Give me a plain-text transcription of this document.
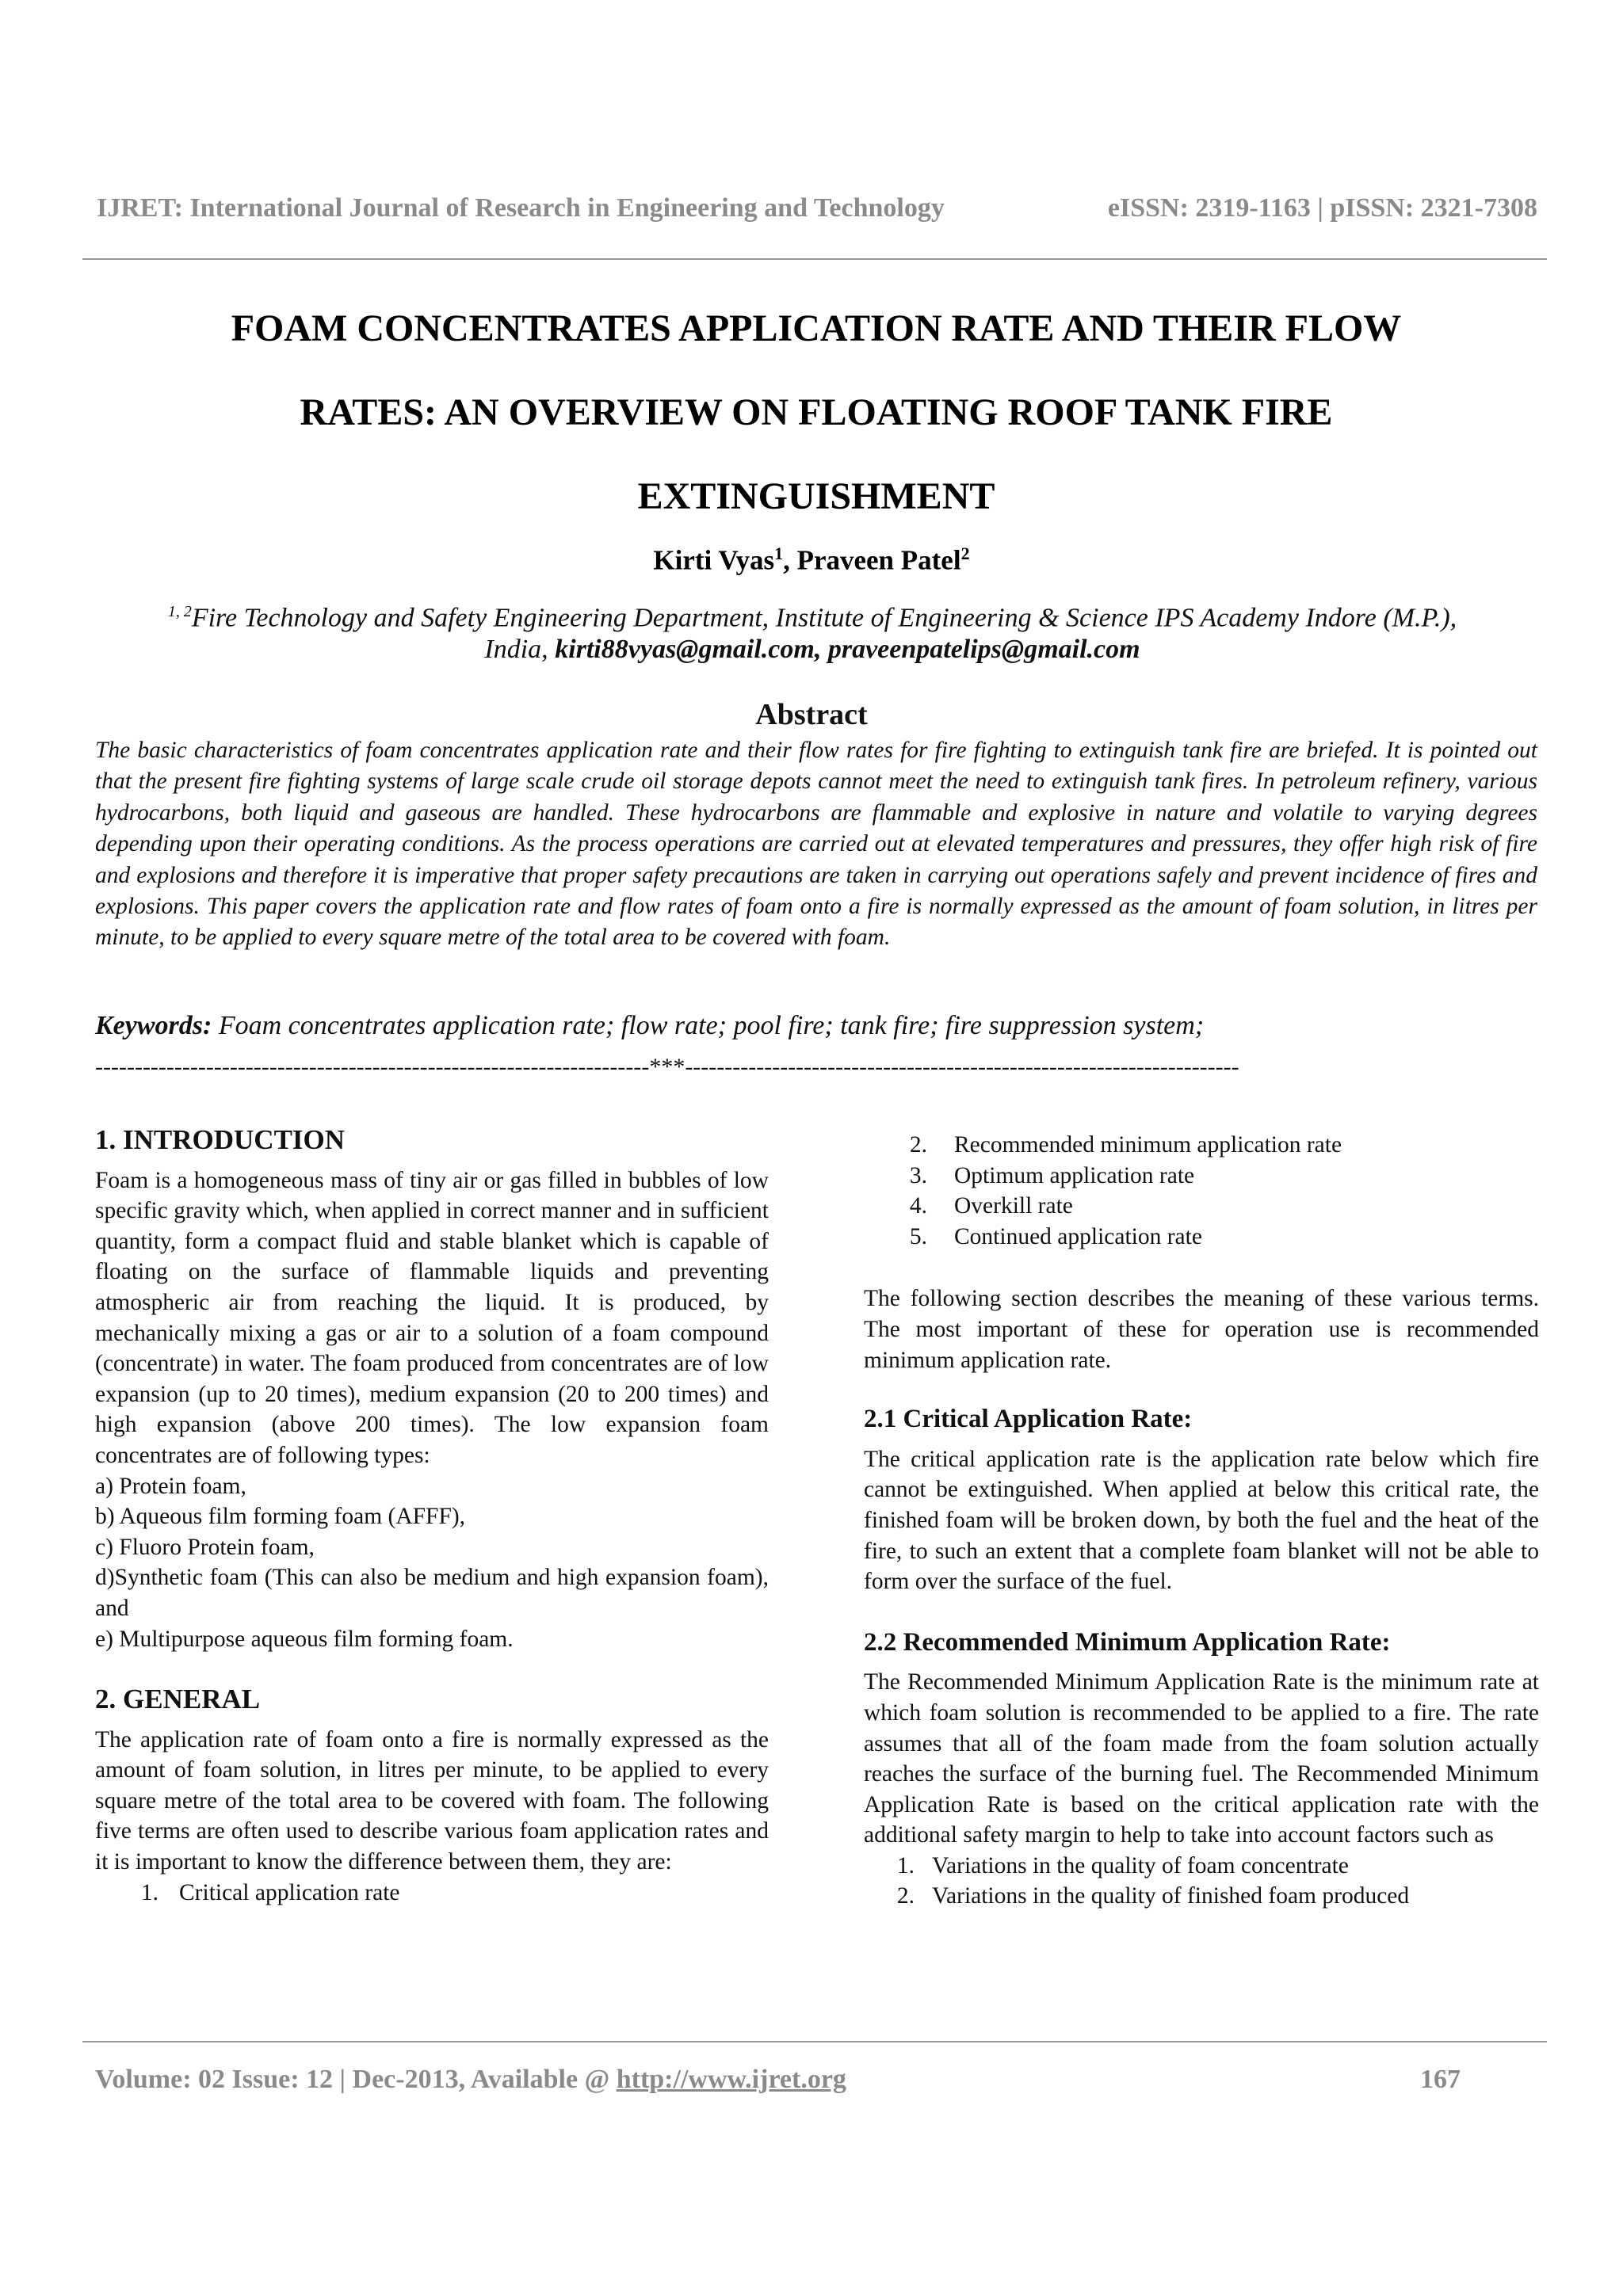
IJRET: International Journal of Research in Engineering and Technology	eISSN: 2319-1163 | pISSN: 2321-7308
FOAM CONCENTRATES APPLICATION RATE AND THEIR FLOW
RATES: AN OVERVIEW ON FLOATING ROOF TANK FIRE
EXTINGUISHMENT
Kirti Vyas$^1$, Praveen Patel$^2$
$^{1, 2}$Fire Technology and Safety Engineering Department, Institute of Engineering & Science IPS Academy Indore (M.P.),
India, kirti88vyas@gmail.com, praveenpatelips@gmail.com
Abstract
The basic characteristics of foam concentrates application rate and their flow rates for fire fighting to extinguish tank fire are briefed. It is pointed out that the present fire fighting systems of large scale crude oil storage depots cannot meet the need to extinguish tank fires. In petroleum refinery, various hydrocarbons, both liquid and gaseous are handled. These hydrocarbons are flammable and explosive in nature and volatile to varying degrees depending upon their operating conditions. As the process operations are carried out at elevated temperatures and pressures, they offer high risk of fire and explosions and therefore it is imperative that proper safety precautions are taken in carrying out operations safely and prevent incidence of fires and explosions. This paper covers the application rate and flow rates of foam onto a fire is normally expressed as the amount of foam solution, in litres per minute, to be applied to every square metre of the total area to be covered with foam.
Keywords: Foam concentrates application rate; flow rate; pool fire; tank fire; fire suppression system;
----------------------------------------------------------------------***----------------------------------------------------------------------
1. INTRODUCTION

Foam is a homogeneous mass of tiny air or gas filled in bubbles of low specific gravity which, when applied in correct manner and in sufficient quantity, form a compact fluid and stable blanket which is capable of floating on the surface of flammable liquids and preventing atmospheric air from reaching the liquid. It is produced, by mechanically mixing a gas or air to a solution of a foam compound (concentrate) in water. The foam produced from concentrates are of low expansion (up to 20 times), medium expansion (20 to 200 times) and high expansion (above 200 times). The low expansion foam concentrates are of following types:

a) Protein foam,
b) Aqueous film forming foam (AFFF),
c) Fluoro Protein foam,

d)Synthetic foam (This can also be medium and high expansion foam), and

e) Multipurpose aqueous film forming foam.
2. GENERAL

The application rate of foam onto a fire is normally expressed as the amount of foam solution, in litres per minute, to be applied to every square metre of the total area to be covered with foam. The following five terms are often used to describe various foam application rates and it is important to know the difference between them, they are:

1. Critical application rate
2. Recommended minimum application rate
3. Optimum application rate
4. Overkill rate
5. Continued application rate

The following section describes the meaning of these various terms. The most important of these for operation use is recommended minimum application rate.

2.1 Critical Application Rate:

The critical application rate is the application rate below which fire cannot be extinguished. When applied at below this critical rate, the finished foam will be broken down, by both the fuel and the heat of the fire, to such an extent that a complete foam blanket will not be able to form over the surface of the fuel.

2.2 Recommended Minimum Application Rate:

The Recommended Minimum Application Rate is the minimum rate at which foam solution is recommended to be applied to a fire. The rate assumes that all of the foam made from the foam solution actually reaches the surface of the burning fuel. The Recommended Minimum Application Rate is based on the critical application rate with the additional safety margin to help to take into account factors such as

1. Variations in the quality of foam concentrate
2. Variations in the quality of finished foam produced
Volume: 02 Issue: 12 | Dec-2013, Available @ http://www.ijret.org	167
